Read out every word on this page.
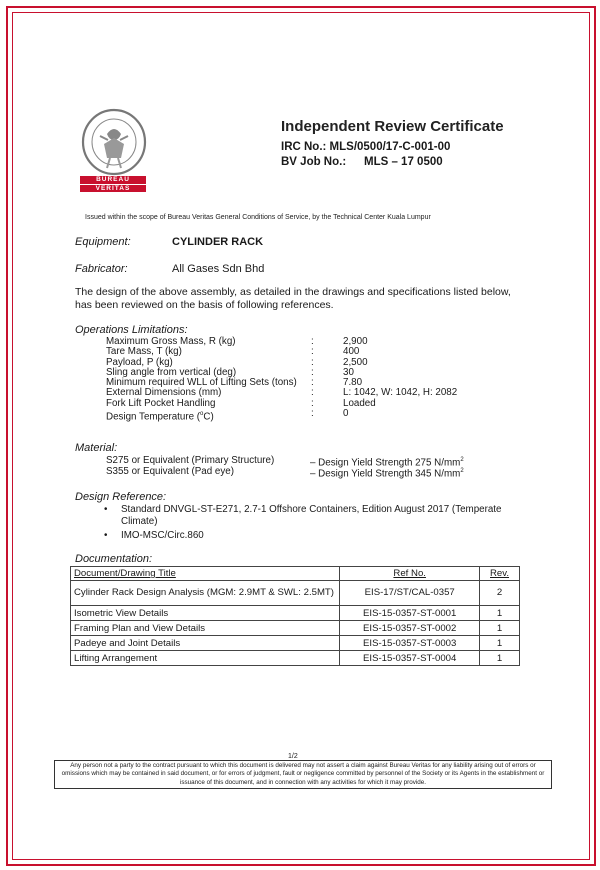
BUREAU
VERITAS
Independent Review Certificate
IRC No.: MLS/0500/17-C-001-00
BV Job No.: MLS – 17 0500
Issued within the scope of Bureau Veritas General Conditions of Service, by the Technical Center Kuala Lumpur
Equipment:	CYLINDER RACK
Fabricator:	All Gases Sdn Bhd
The design of the above assembly, as detailed in the drawings and specifications listed below, has been reviewed on the basis of following references.
Operations Limitations:
Maximum Gross Mass, R (kg)	:	2,900
Tare Mass, T (kg)	:	400
Payload, P (kg)	:	2,500
Sling angle from vertical (deg)	:	30
Minimum required WLL of Lifting Sets (tons) :	7.80
External Dimensions (mm)	:	L: 1042, W: 1042, H: 2082
Fork Lift Pocket Handling	:	Loaded
Design Temperature ($^o$C)	:	0
Material:
S275 or Equivalent (Primary Structure)	– Design Yield Strength 275 $N/mm^2$
S355 or Equivalent (Pad eye)	– Design Yield Strength 345 $N/mm^2$
Design Reference:
• Standard DNVGL-ST-E271, 2.7-1 Offshore Containers, Edition August 2017 (Temperate Climate)
• IMO-MSC/Circ.860
Documentation:
Document/Drawing Title	Ref No.	Rev.
Cylinder Rack Design Analysis (MGM: 2.9MT & SWL: 2.5MT)	EIS-17/ST/CAL-0357	2
Isometric View Details	EIS-15-0357-ST-0001	1
Framing Plan and View Details	EIS-15-0357-ST-0002	1
Padeye and Joint Details	EIS-15-0357-ST-0003	1
Lifting Arrangement	EIS-15-0357-ST-0004	1
1/2
Any person not a party to the contract pursuant to which this document is delivered may not assert a claim against Bureau Veritas for any liability arising out of errors or omissions which may be contained in said document, or for errors of judgment, fault or negligence committed by personnel of the Society or its Agents in the establishment or issuance of this document, and in connection with any activities for which it may provide.
